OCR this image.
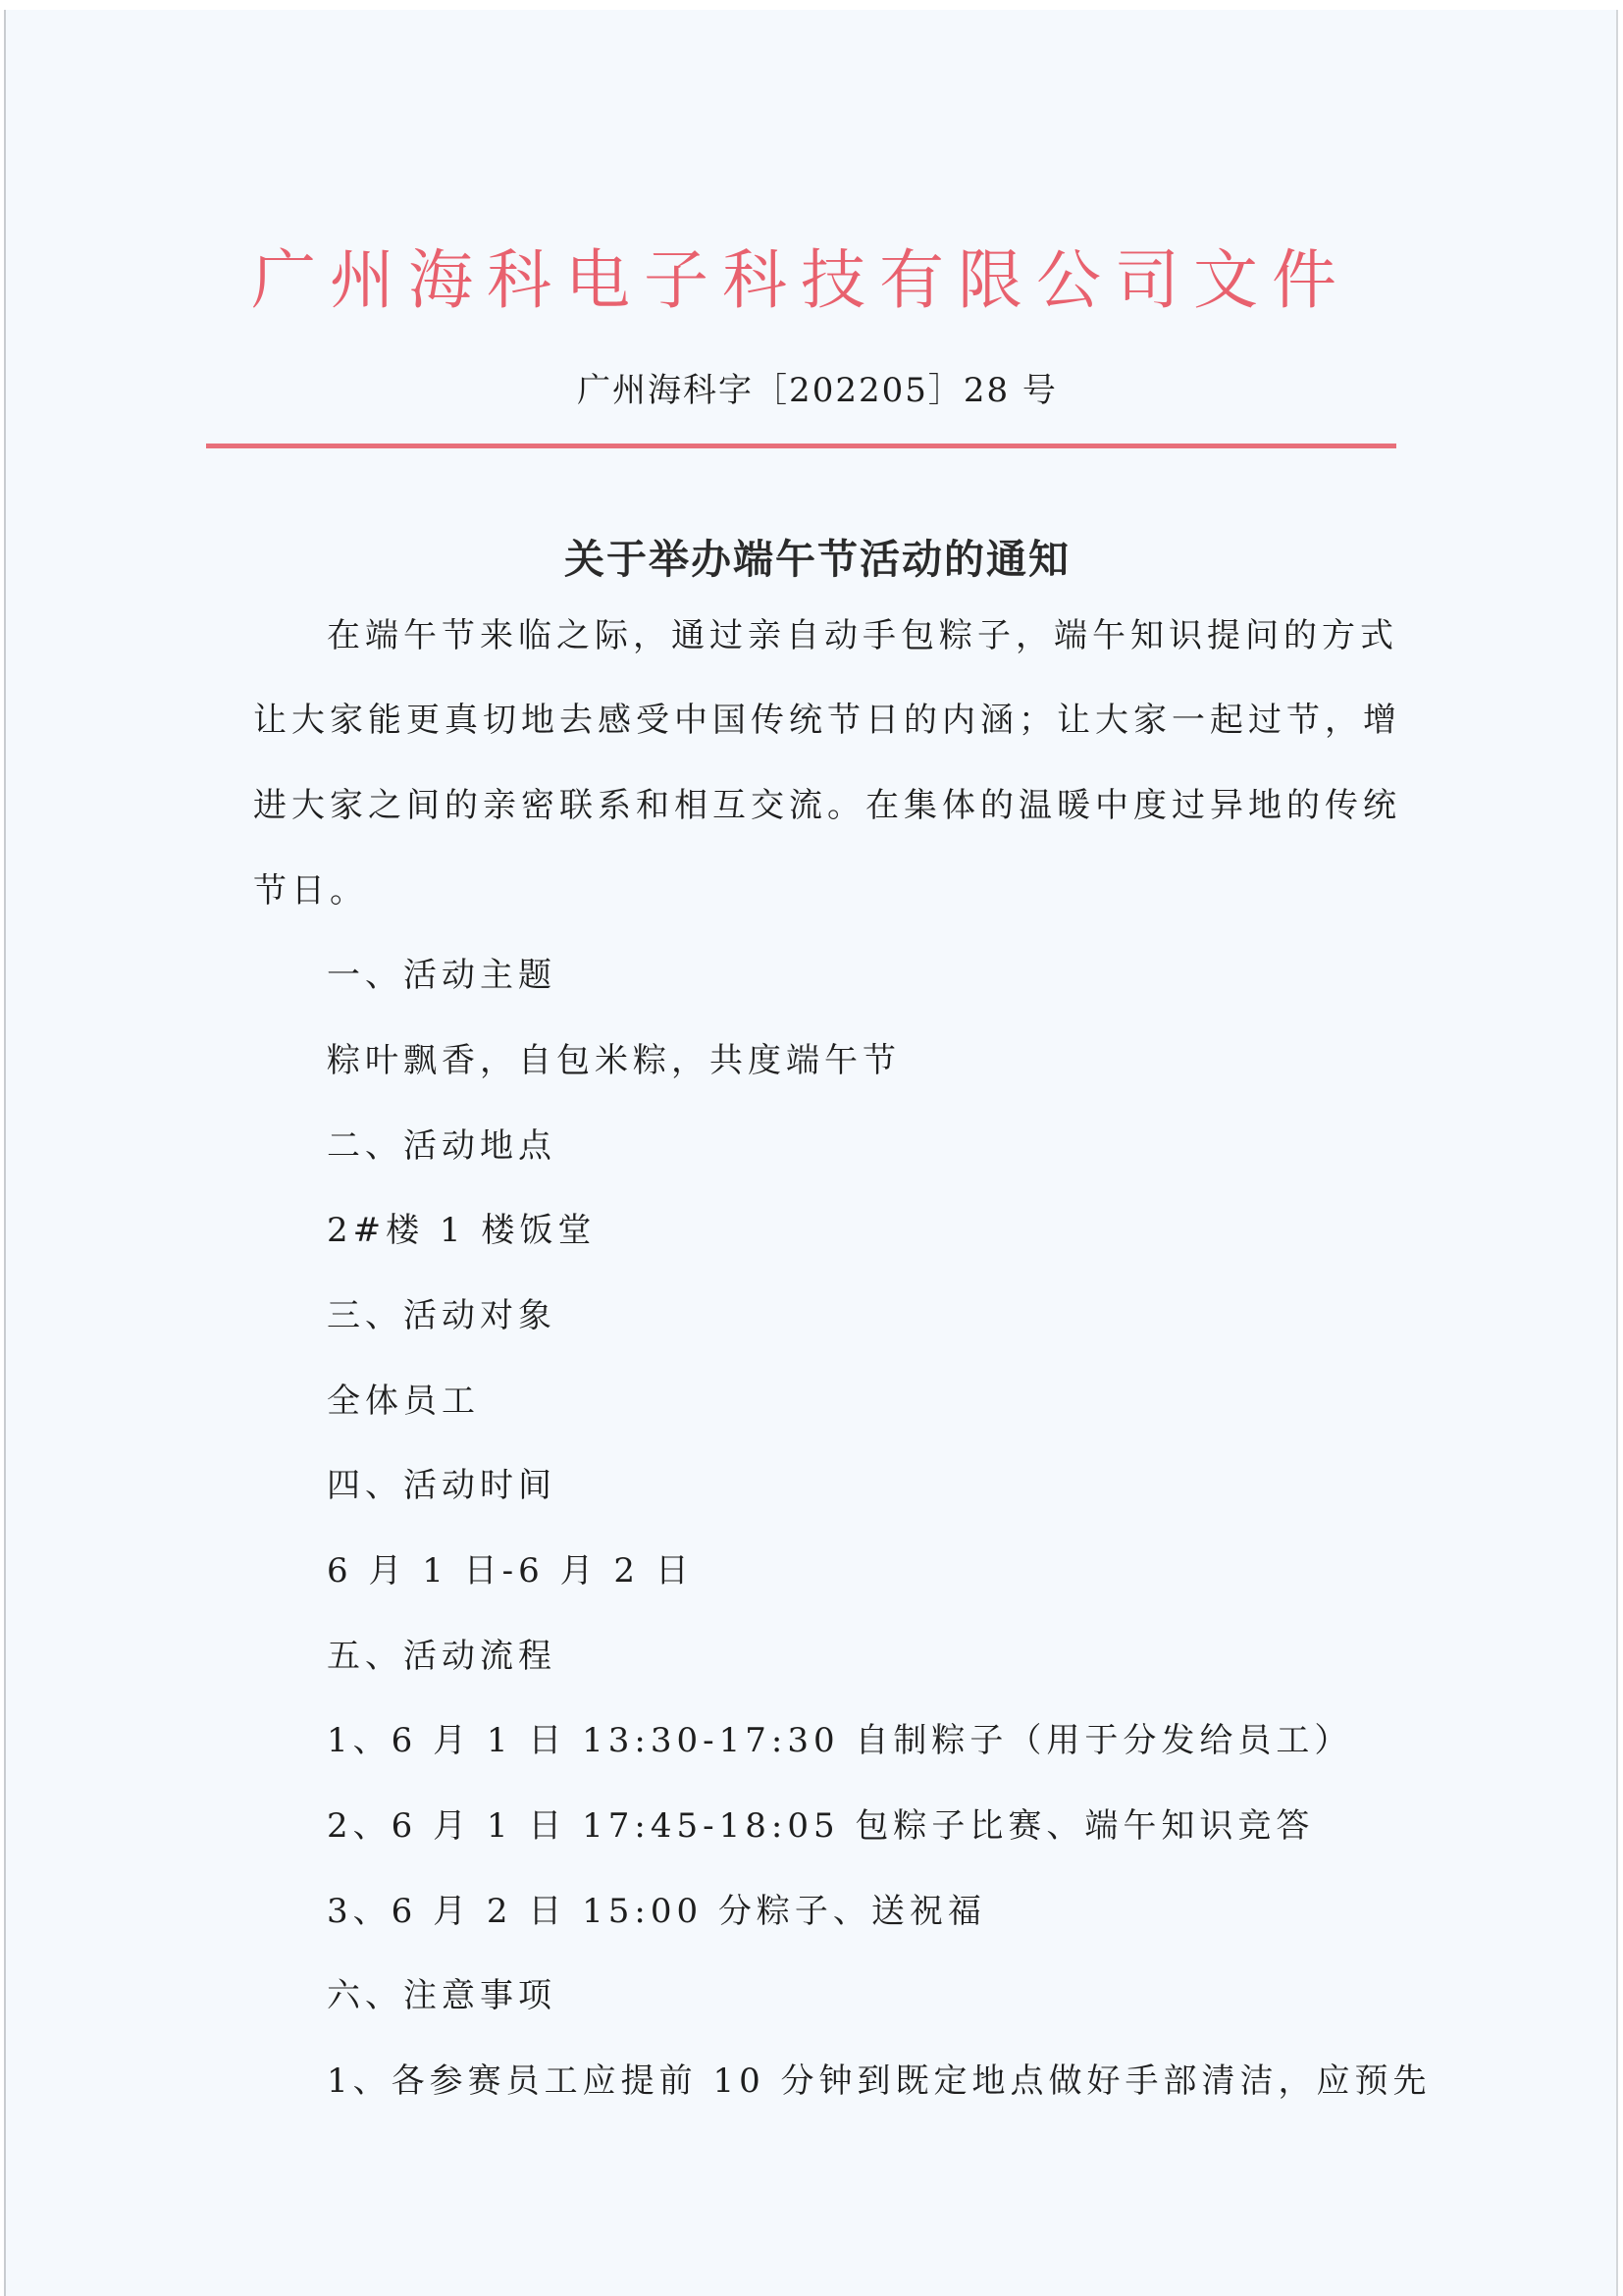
广州海科电子科技有限公司文件
广州海科字［202205］28 号
关于举办端午节活动的通知
在端午节来临之际，通过亲自动手包粽子，端午知识提问的方式
让大家能更真切地去感受中国传统节日的内涵；让大家一起过节，增
进大家之间的亲密联系和相互交流。在集体的温暖中度过异地的传统
节日。
一、活动主题
粽叶飘香，自包米粽，共度端午节
二、活动地点
2#楼 1 楼饭堂
三、活动对象
全体员工
四、活动时间
6 月 1 日-6 月 2 日
五、活动流程
1、6 月 1 日 13:30-17:30 自制粽子（用于分发给员工）
2、6 月 1 日 17:45-18:05 包粽子比赛、端午知识竞答
3、6 月 2 日 15:00 分粽子、送祝福
六、注意事项
1、各参赛员工应提前 10 分钟到既定地点做好手部清洁，应预先
